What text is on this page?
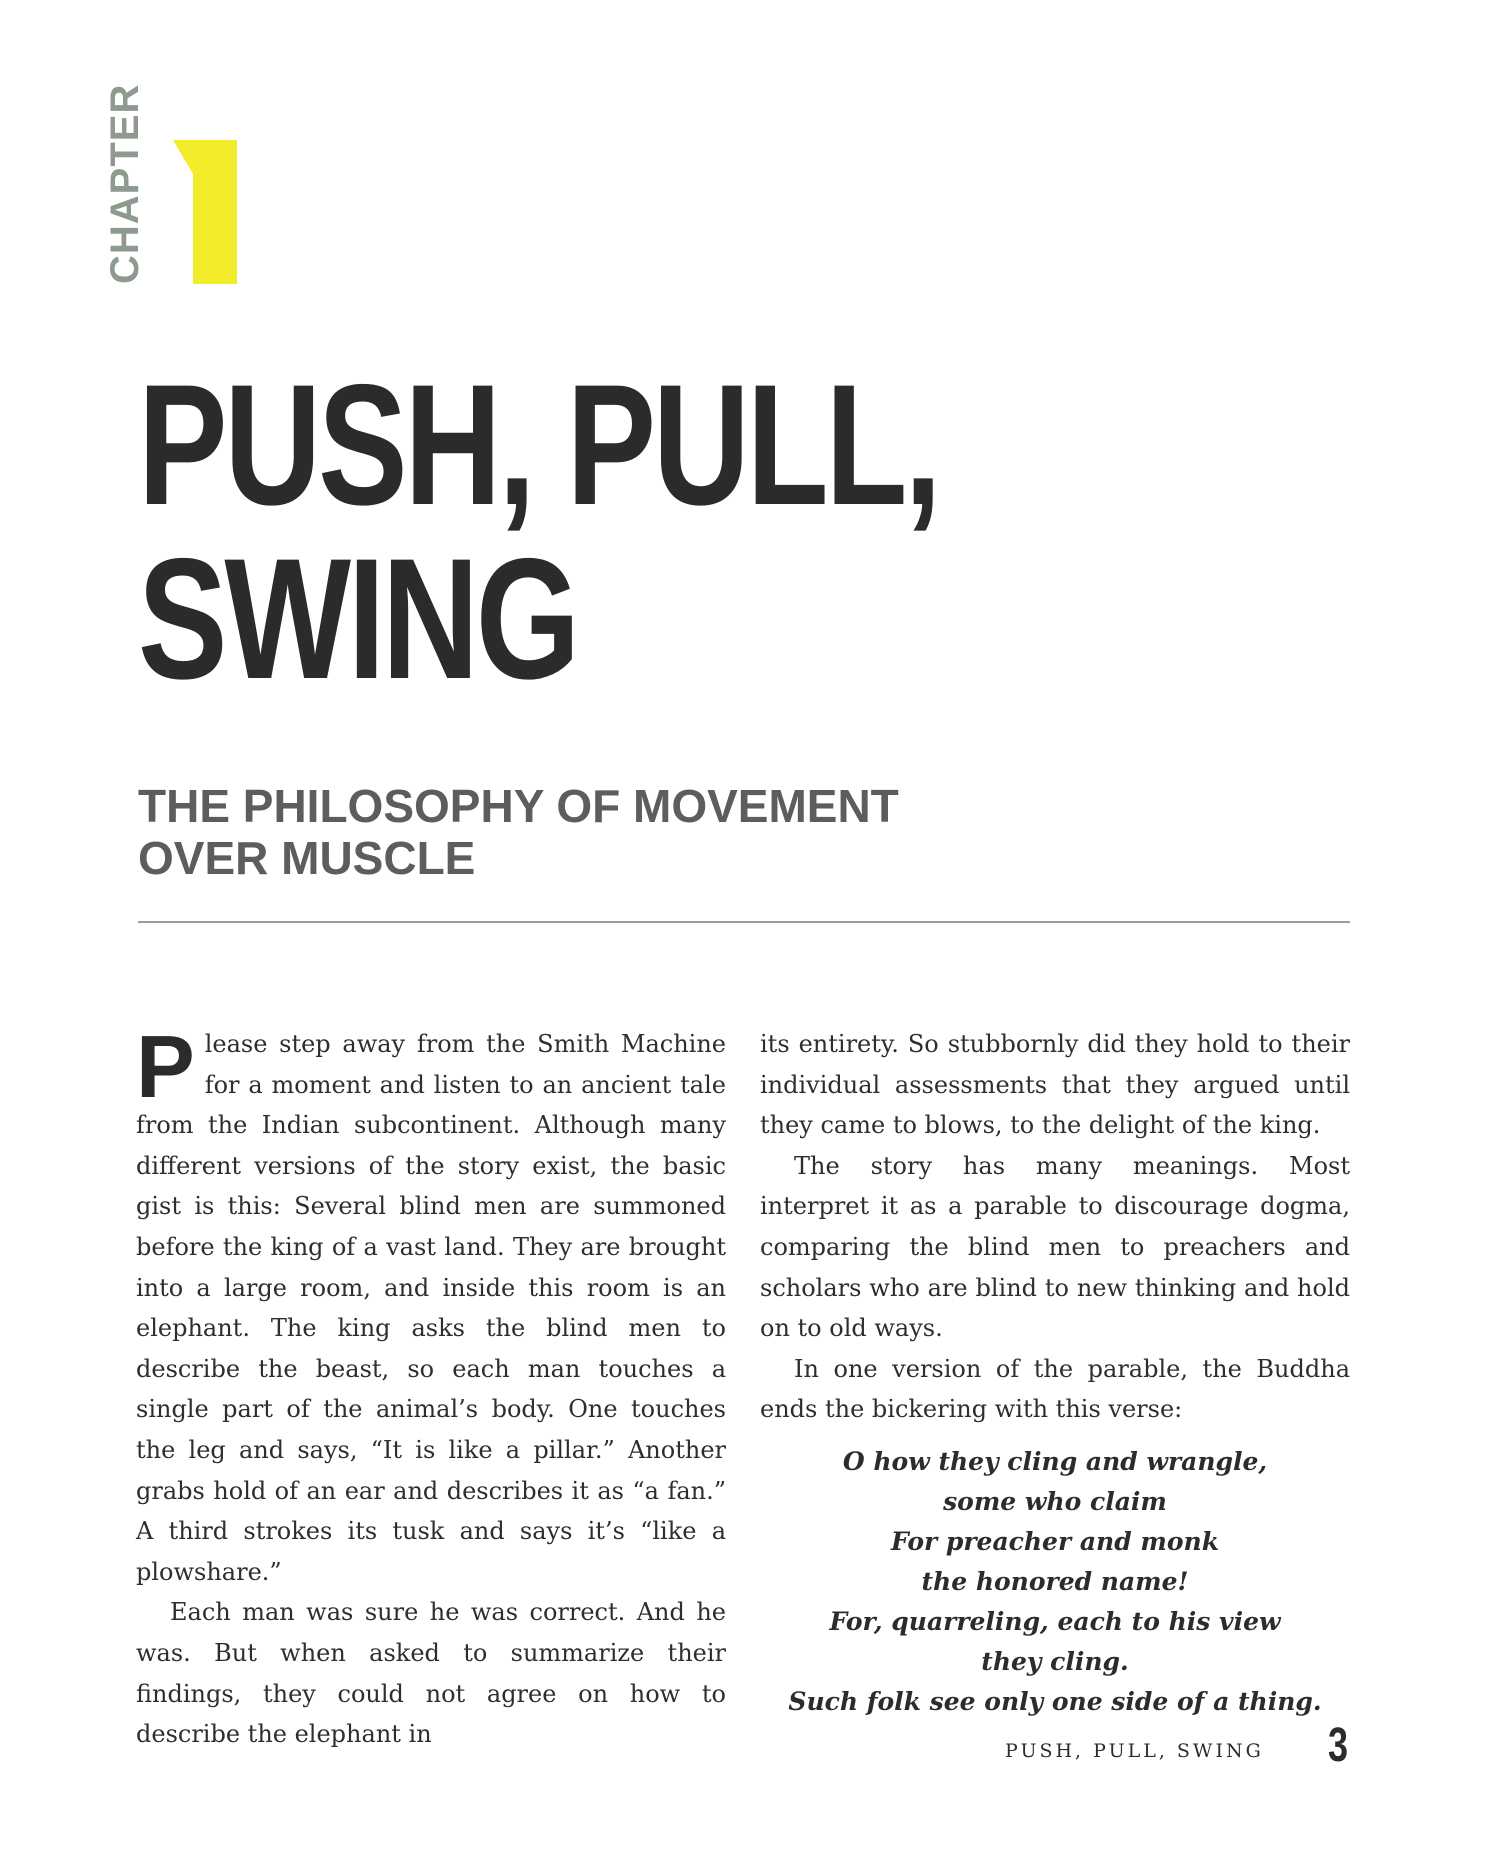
CHAPTER
PUSH, PULL,
SWING
THE PHILOSOPHY OF MOVEMENT
OVER MUSCLE

Please step away from the Smith Machine for a moment and listen to an ancient tale from the Indian subcontinent. Although many different versions of the story exist, the basic gist is this: Several blind men are summoned before the king of a vast land. They are brought into a large room, and inside this room is an elephant. The king asks the blind men to describe the beast, so each man touches a single part of the animal’s body. One touches the leg and says, “It is like a pillar.” Another grabs hold of an ear and describes it as “a fan.” A third strokes its tusk and says it’s “like a plowshare.”

Each man was sure he was correct. And he was. But when asked to summarize their findings, they could not agree on how to describe the elephant in

its entirety. So stubbornly did they hold to their individual assessments that they argued until they came to blows, to the delight of the king.

The story has many meanings. Most interpret it as a parable to discourage dogma, comparing the blind men to preachers and scholars who are blind to new thinking and hold on to old ways.

In one version of the parable, the Buddha ends the bickering with this verse:

O how they cling and wrangle,
some who claim
For preacher and monk
the honored name!
For, quarreling, each to his view
they cling.
Such folk see only one side of a thing.
PUSH, PULL, SWING 3
